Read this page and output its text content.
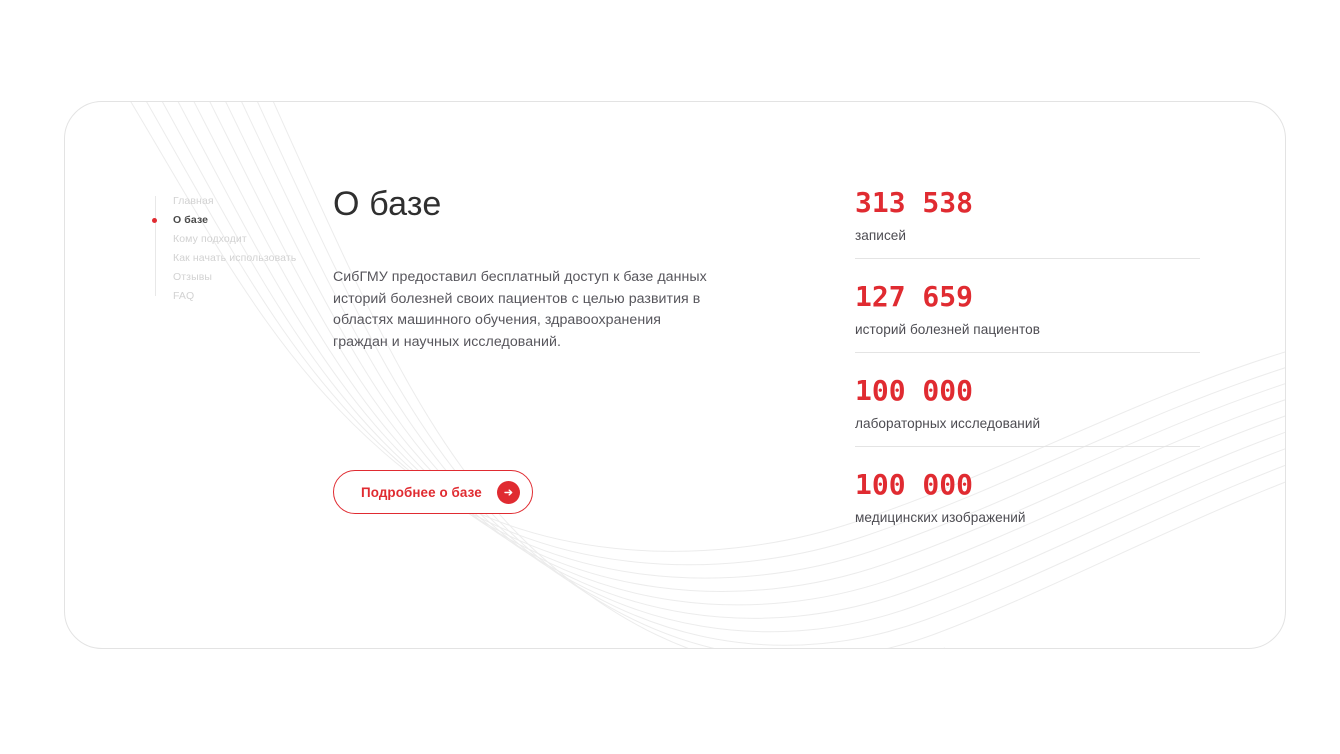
Главная
О базе
Кому подходит
Как начать использовать
Отзывы
FAQ
О базе

СибГМУ предоставил бесплатный доступ к базе данных историй болезней своих пациентов с целью развития в областях машинного обучения, здравоохранения граждан и научных исследований.

Подробнее о базе
313 538
записей
127 659
историй болезней пациентов
100 000
лабораторных исследований
100 000
медицинских изображений
